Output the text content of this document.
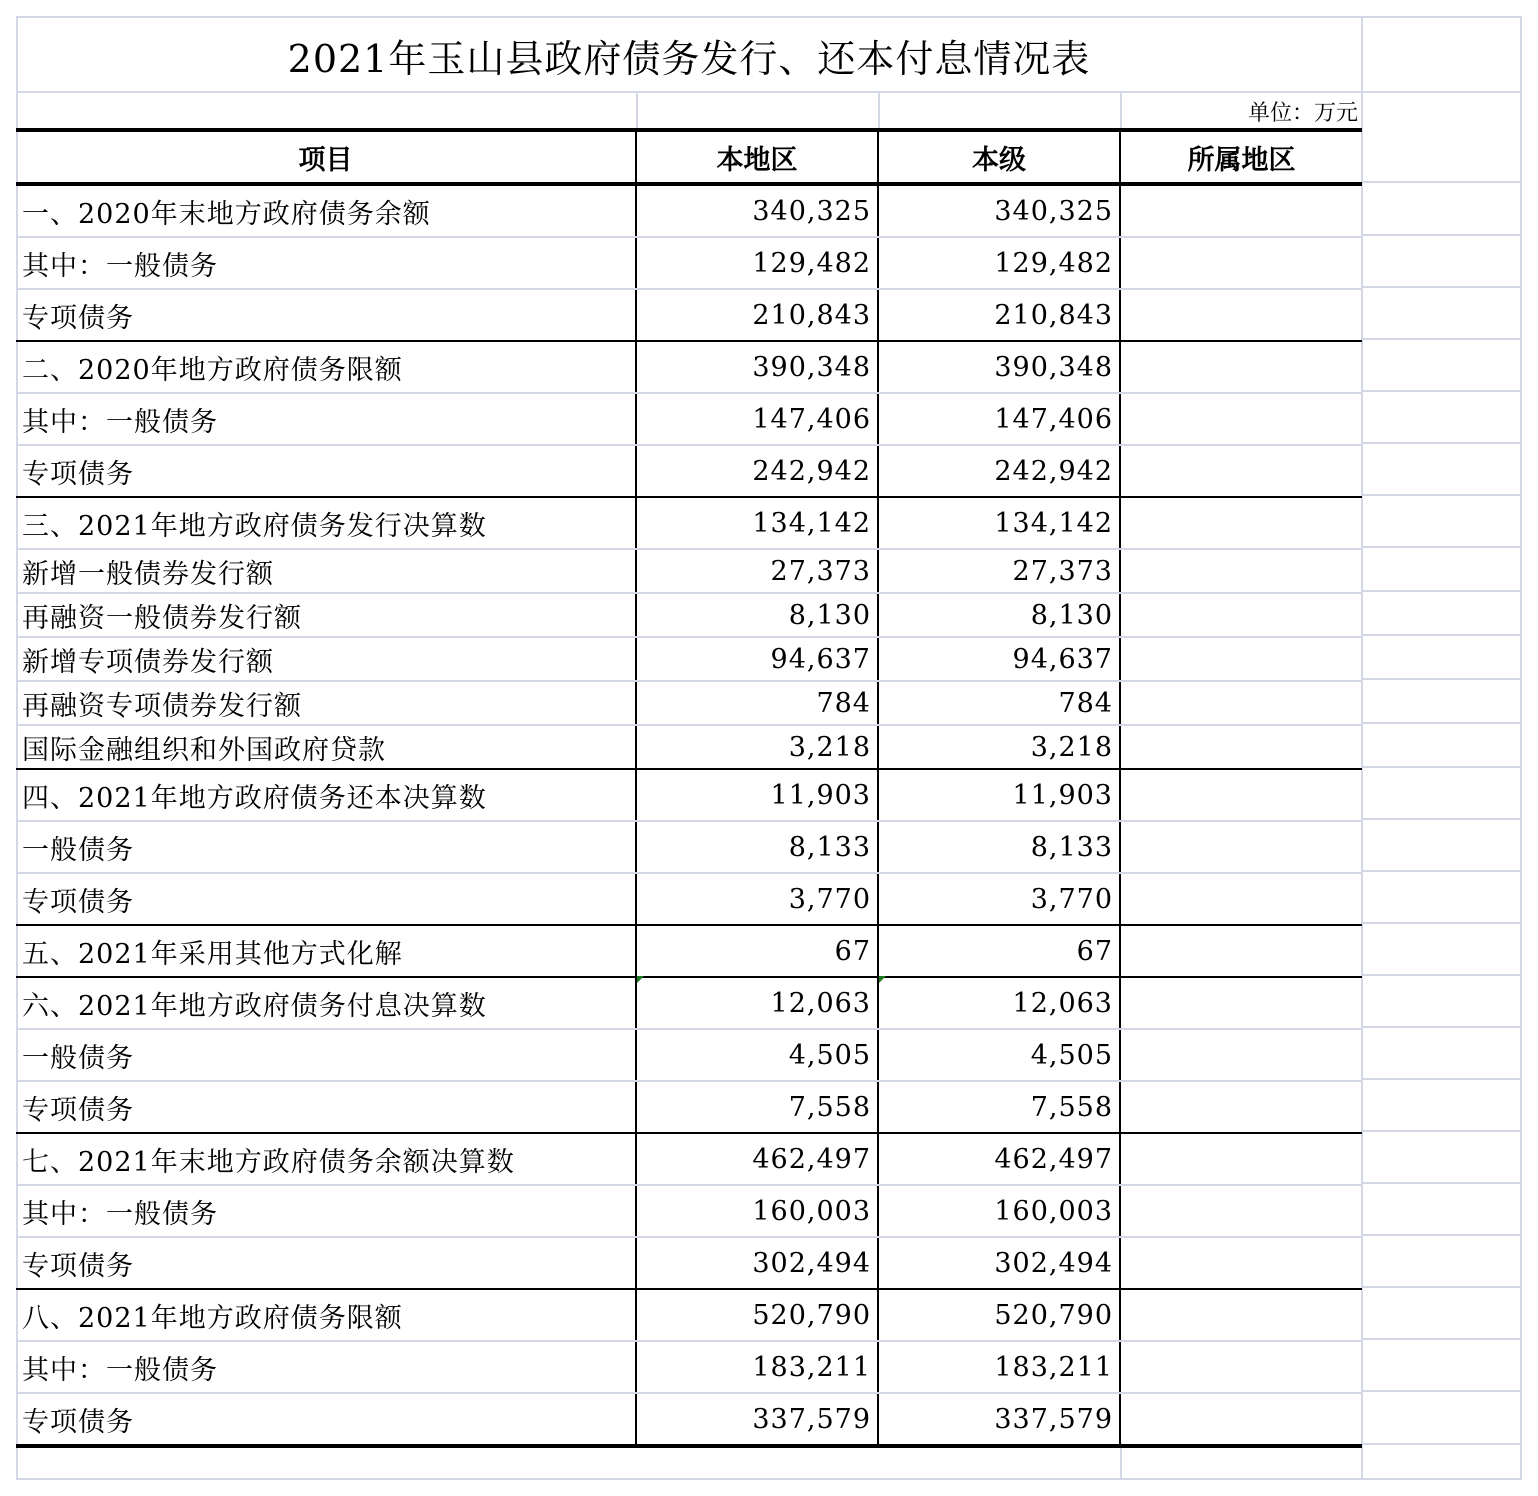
2021年玉山县政府债务发行、还本付息情况表
单位：万元
项目	本地区	本级	所属地区
一、2020年末地方政府债务余额	340,325	340,325	
其中：一般债务	129,482	129,482	
专项债务	210,843	210,843	
二、2020年地方政府债务限额	390,348	390,348	
其中：一般债务	147,406	147,406	
专项债务	242,942	242,942	
三、2021年地方政府债务发行决算数	134,142	134,142	
新增一般债券发行额	27,373	27,373	
再融资一般债券发行额	8,130	8,130	
新增专项债券发行额	94,637	94,637	
再融资专项债券发行额	784	784	
国际金融组织和外国政府贷款	3,218	3,218	
四、2021年地方政府债务还本决算数	11,903	11,903	
一般债务	8,133	8,133	
专项债务	3,770	3,770	
五、2021年采用其他方式化解	67	67	
六、2021年地方政府债务付息决算数	12,063	12,063	
一般债务	4,505	4,505	
专项债务	7,558	7,558	
七、2021年末地方政府债务余额决算数	462,497	462,497	
其中：一般债务	160,003	160,003	
专项债务	302,494	302,494	
八、2021年地方政府债务限额	520,790	520,790	
其中：一般债务	183,211	183,211	
专项债务	337,579	337,579	
